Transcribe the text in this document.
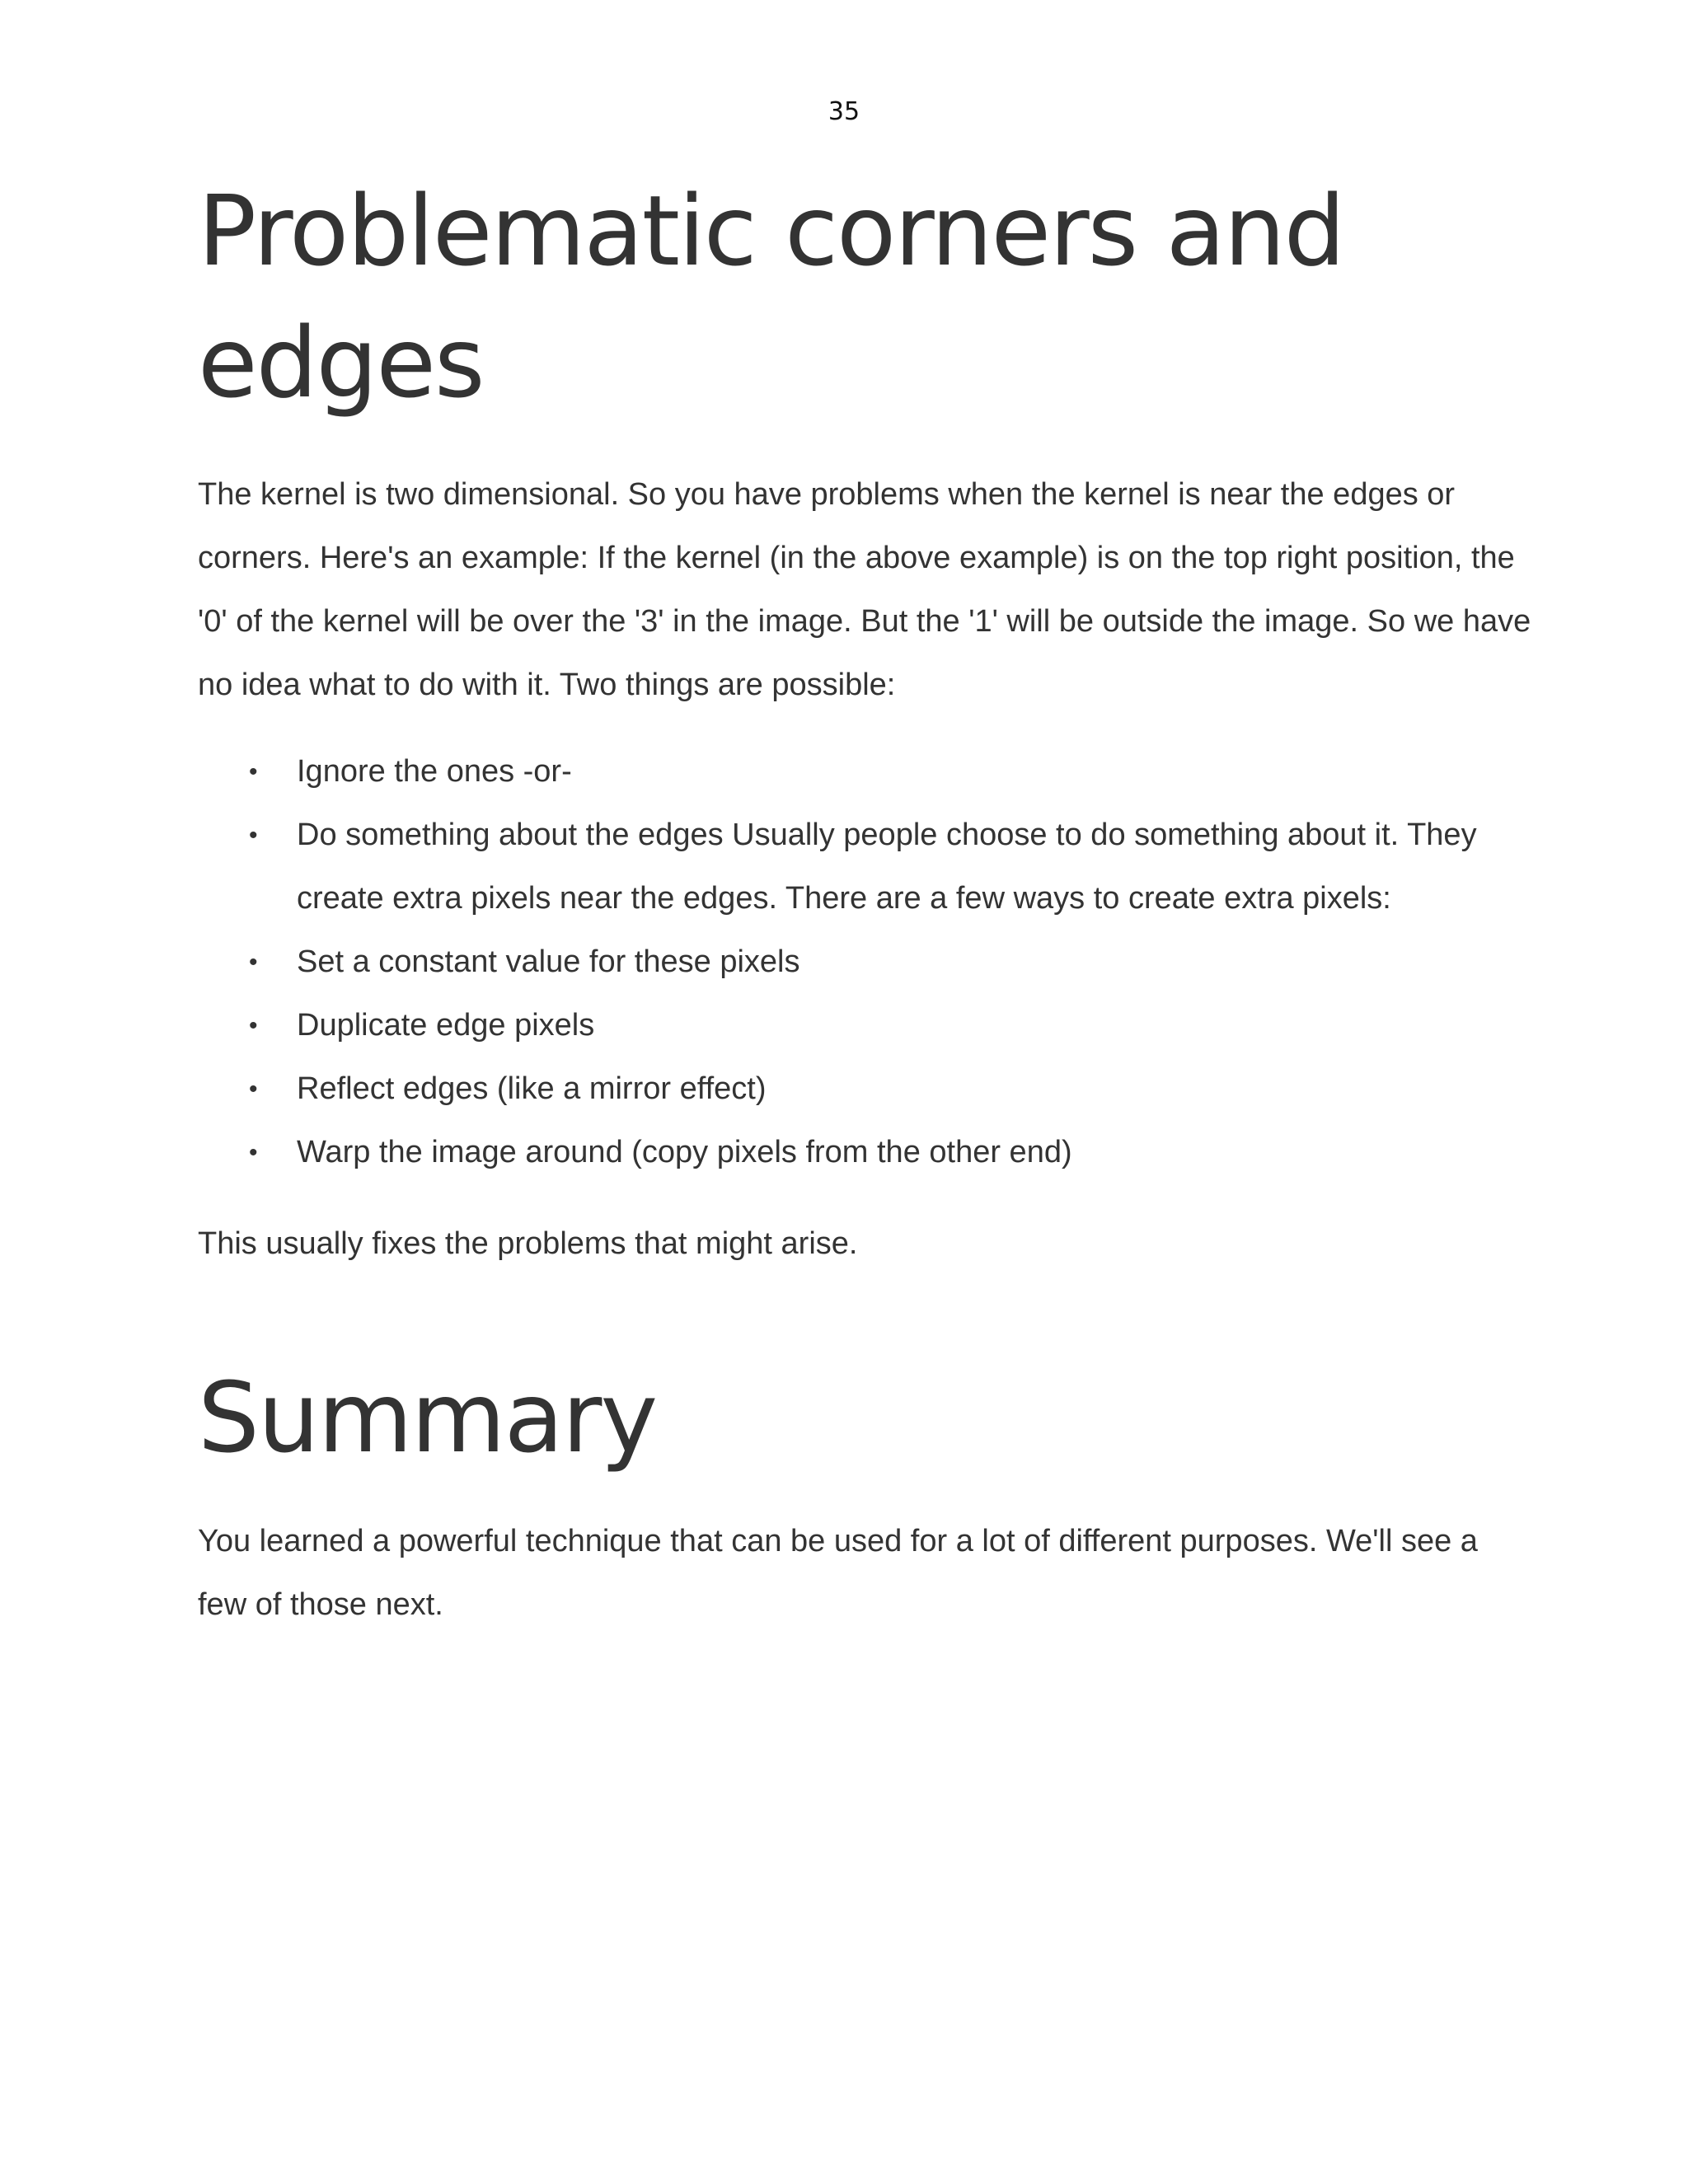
35
Problematic corners and edges

The kernel is two dimensional. So you have problems when the kernel is near the edges or corners. Here's an example: If the kernel (in the above example) is on the top right position, the '0' of the kernel will be over the '3' in the image. But the '1' will be outside the image. So we have no idea what to do with it. Two things are possible:

• Ignore the ones -or-
• Do something about the edges Usually people choose to do something about it. They create extra pixels near the edges. There are a few ways to create extra pixels:
• Set a constant value for these pixels
• Duplicate edge pixels
• Reflect edges (like a mirror effect)
• Warp the image around (copy pixels from the other end)

This usually fixes the problems that might arise.

Summary

You learned a powerful technique that can be used for a lot of different purposes. We'll see a few of those next.
